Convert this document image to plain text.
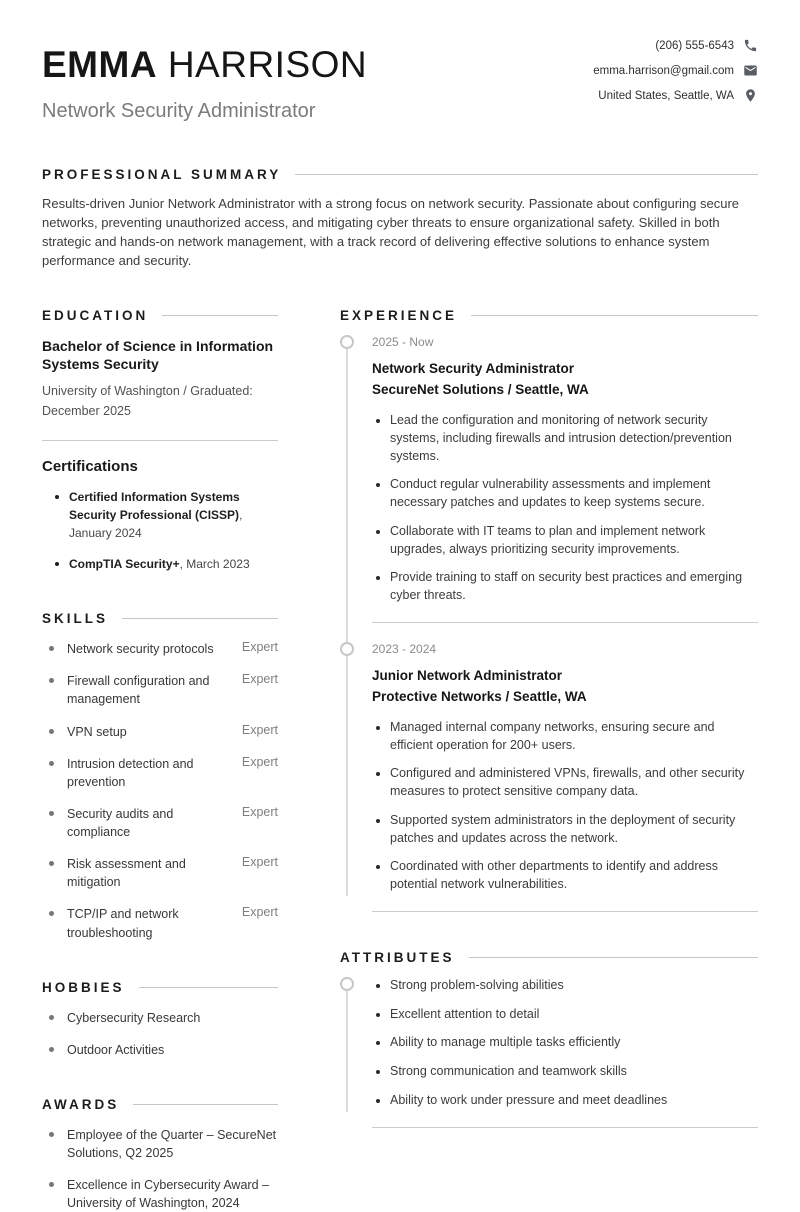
EMMA HARRISON
Network Security Administrator
(206) 555-6543
emma.harrison@gmail.com
United States, Seattle, WA
PROFESSIONAL SUMMARY

Results-driven Junior Network Administrator with a strong focus on network security. Passionate about configuring secure networks, preventing unauthorized access, and mitigating cyber threats to ensure organizational safety. Skilled in both strategic and hands-on network management, with a track record of delivering effective solutions to enhance system performance and security.

EDUCATION
Bachelor of Science in Information Systems Security
University of Washington / Graduated: December 2025
Certifications
Certified Information Systems Security Professional (CISSP), January 2024
CompTIA Security+, March 2023
SKILLS
Network security protocols	Expert
Firewall configuration and management
Expert
VPN setup	Expert
Intrusion detection and prevention
Expert
Security audits and compliance
Expert
Risk assessment and mitigation
Expert
TCP/IP and network troubleshooting
Expert
HOBBIES
Cybersecurity Research
Outdoor Activities
AWARDS
Employee of the Quarter – SecureNet Solutions, Q2 2025
Excellence in Cybersecurity Award – University of Washington, 2024
EXPERIENCE
2025 - Now
Network Security Administrator
SecureNet Solutions / Seattle, WA
Lead the configuration and monitoring of network security systems, including firewalls and intrusion detection/prevention systems.
Conduct regular vulnerability assessments and implement necessary patches and updates to keep systems secure.
Collaborate with IT teams to plan and implement network upgrades, always prioritizing security improvements.
Provide training to staff on security best practices and emerging cyber threats.
2023 - 2024
Junior Network Administrator
Protective Networks / Seattle, WA
Managed internal company networks, ensuring secure and efficient operation for 200+ users.
Configured and administered VPNs, firewalls, and other security measures to protect sensitive company data.
Supported system administrators in the deployment of security patches and updates across the network.
Coordinated with other departments to identify and address potential network vulnerabilities.
ATTRIBUTES
Strong problem-solving abilities
Excellent attention to detail
Ability to manage multiple tasks efficiently
Strong communication and teamwork skills
Ability to work under pressure and meet deadlines
